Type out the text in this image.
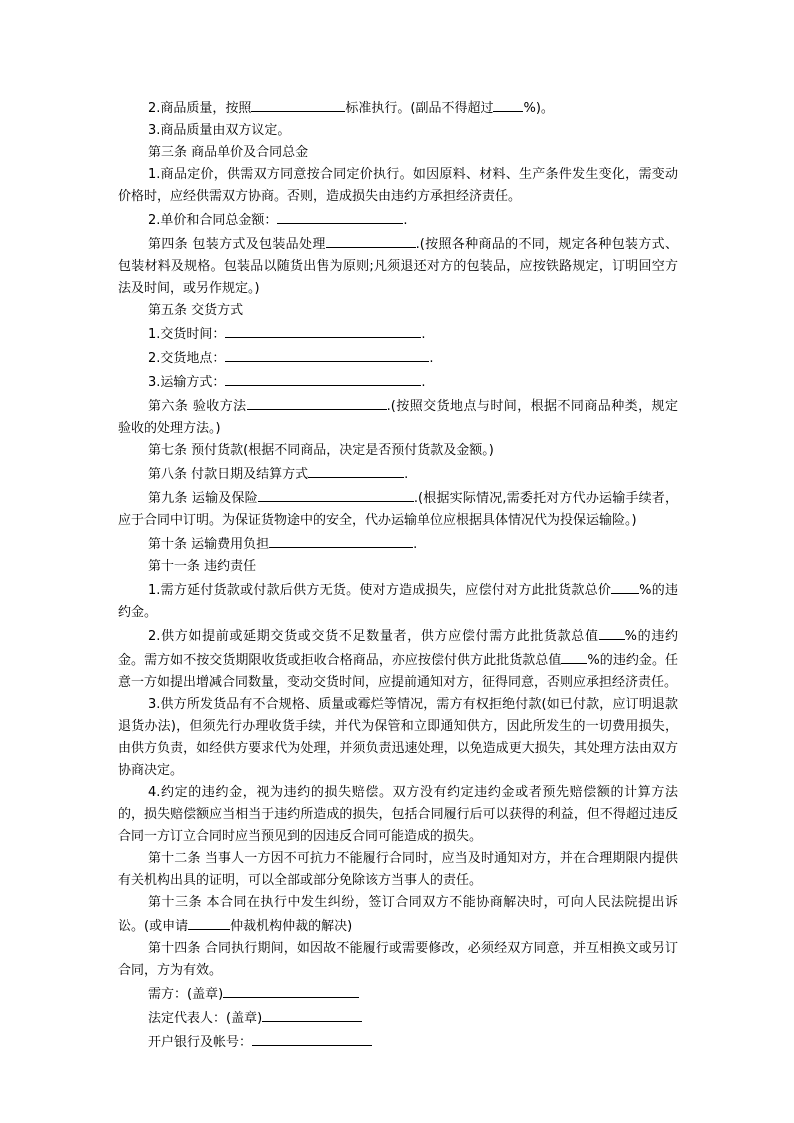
2.商品质量，按照	标准执行。(副品不得超过 %)。
3.商品质量由双方议定。
第三条 商品单价及合同总金
1.商品定价，供需双方同意按合同定价执行。如因原料、材料、生产条件发生变化，需变动价格时，应经供需双方协商。否则，造成损失由违约方承担经济责任。
2.单价和合同总金额：	.
第四条 包装方式及包装品处理	.(按照各种商品的不同，规定各种包装方式、包装材料及规格。包装品以随货出售为原则;凡须退还对方的包装品，应按铁路规定，订明回空方法及时间，或另作规定。)
第五条 交货方式
1.交货时间：	.
2.交货地点：	.
3.运输方式：	.
第六条 验收方法	.(按照交货地点与时间，根据不同商品种类，规定验收的处理方法。)
第七条 预付货款(根据不同商品，决定是否预付货款及金额。)
第八条 付款日期及结算方式	.
第九条 运输及保险	.(根据实际情况,需委托对方代办运输手续者，应于合同中订明。为保证货物途中的安全，代办运输单位应根据具体情况代为投保运输险。)
第十条 运输费用负担	.
第十一条 违约责任
1.需方延付货款或付款后供方无货。使对方造成损失，应偿付对方此批货款总价 %的违约金。
2.供方如提前或延期交货或交货不足数量者，供方应偿付需方此批货款总值 %的违约金。需方如不按交货期限收货或拒收合格商品，亦应按偿付供方此批货款总值 %的违约金。任意一方如提出增减合同数量，变动交货时间，应提前通知对方，征得同意，否则应承担经济责任。
3.供方所发货品有不合规格、质量或霉烂等情况，需方有权拒绝付款(如已付款，应订明退款退货办法)，但须先行办理收货手续，并代为保管和立即通知供方，因此所发生的一切费用损失，由供方负责，如经供方要求代为处理，并须负责迅速处理，以免造成更大损失，其处理方法由双方协商决定。
4.约定的违约金，视为违约的损失赔偿。双方没有约定违约金或者预先赔偿额的计算方法的，损失赔偿额应当相当于违约所造成的损失，包括合同履行后可以获得的利益，但不得超过违反合同一方订立合同时应当预见到的因违反合同可能造成的损失。
第十二条 当事人一方因不可抗力不能履行合同时，应当及时通知对方，并在合理期限内提供有关机构出具的证明，可以全部或部分免除该方当事人的责任。
第十三条 本合同在执行中发生纠纷，签订合同双方不能协商解决时，可向人民法院提出诉讼。(或申请	仲裁机构仲裁的解决)
第十四条 合同执行期间，如因故不能履行或需要修改，必须经双方同意，并互相换文或另订合同，方为有效。
需方：(盖章)
法定代表人：(盖章)
开户银行及帐号：
